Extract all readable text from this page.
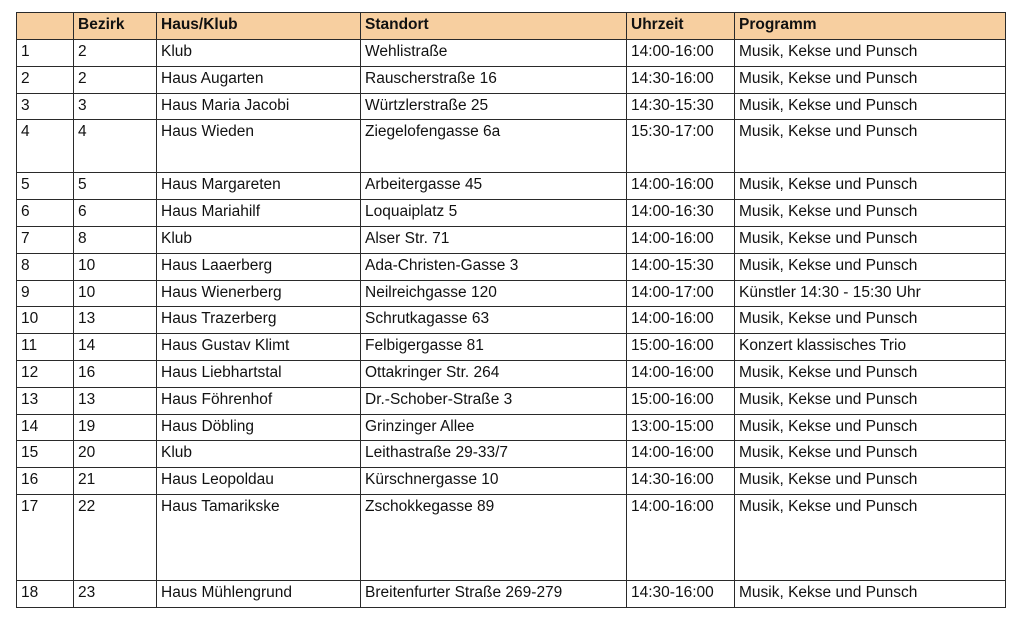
	Bezirk	Haus/Klub	Standort	Uhrzeit	Programm
1	2	Klub	Wehlistraße	14:00-16:00	Musik, Kekse und Punsch
2	2	Haus Augarten	Rauscherstraße 16	14:30-16:00	Musik, Kekse und Punsch
3	3	Haus Maria Jacobi	Würtzlerstraße 25	14:30-15:30	Musik, Kekse und Punsch
4	4	Haus Wieden	Ziegelofengasse 6a	15:30-17:00	Musik, Kekse und Punsch
5	5	Haus Margareten	Arbeitergasse 45	14:00-16:00	Musik, Kekse und Punsch
6	6	Haus Mariahilf	Loquaiplatz 5	14:00-16:30	Musik, Kekse und Punsch
7	8	Klub	Alser Str. 71	14:00-16:00	Musik, Kekse und Punsch
8	10	Haus Laaerberg	Ada-Christen-Gasse 3	14:00-15:30	Musik, Kekse und Punsch
9	10	Haus Wienerberg	Neilreichgasse 120	14:00-17:00	Künstler 14:30 - 15:30 Uhr
10	13	Haus Trazerberg	Schrutkagasse 63	14:00-16:00	Musik, Kekse und Punsch
11	14	Haus Gustav Klimt	Felbigergasse 81	15:00-16:00	Konzert klassisches Trio
12	16	Haus Liebhartstal	Ottakringer Str. 264	14:00-16:00	Musik, Kekse und Punsch
13	13	Haus Föhrenhof	Dr.-Schober-Straße 3	15:00-16:00	Musik, Kekse und Punsch
14	19	Haus Döbling	Grinzinger Allee	13:00-15:00	Musik, Kekse und Punsch
15	20	Klub	Leithastraße 29-33/7	14:00-16:00	Musik, Kekse und Punsch
16	21	Haus Leopoldau	Kürschnergasse 10	14:30-16:00	Musik, Kekse und Punsch
17	22	Haus Tamarikske	Zschokkegasse 89	14:00-16:00	Musik, Kekse und Punsch
18	23	Haus Mühlengrund	Breitenfurter Straße 269-279	14:30-16:00	Musik, Kekse und Punsch
